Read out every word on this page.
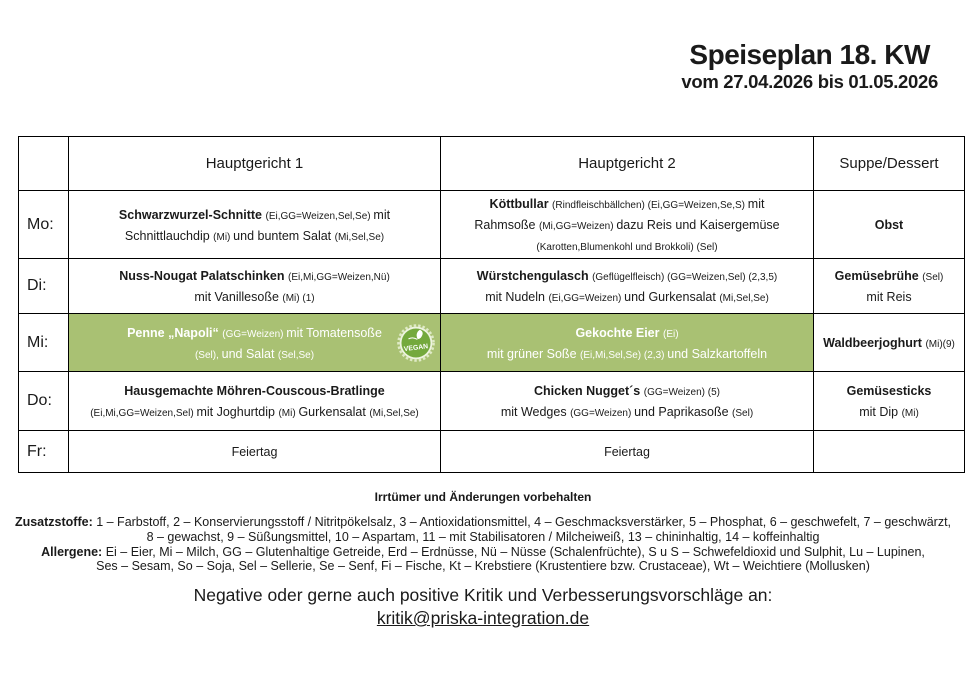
Speiseplan 18. KW
vom 27.04.2026 bis 01.05.2026
	Hauptgericht 1	Hauptgericht 2	Suppe/Dessert
Mo:	Schwarzwurzel-Schnitte (Ei,GG=Weizen,Sel,Se) mit
Schnittlauchdip (Mi) und buntem Salat (Mi,Sel,Se)	Köttbullar (Rindfleischbällchen) (Ei,GG=Weizen,Se,S) mit
Rahmsoße (Mi,GG=Weizen) dazu Reis und Kaisergemüse
(Karotten,Blumenkohl und Brokkoli) (Sel)	Obst
Di:	Nuss-Nougat Palatschinken (Ei,Mi,GG=Weizen,Nü)
mit Vanillesoße (Mi) (1)	Würstchengulasch (Geflügelfleisch) (GG=Weizen,Sel) (2,3,5)
mit Nudeln (Ei,GG=Weizen) und Gurkensalat (Mi,Sel,Se)	Gemüsebrühe (Sel)
mit Reis
Mi:	VEGAN
Penne „Napoli“ (GG=Weizen) mit Tomatensoße
(Sel), und Salat (Sel,Se)	Gekochte Eier (Ei)
mit grüner Soße (Ei,Mi,Sel,Se) (2,3) und Salzkartoffeln	Waldbeerjoghurt (Mi)(9)
Do:	Hausgemachte Möhren-Couscous-Bratlinge
(Ei,Mi,GG=Weizen,Sel) mit Joghurtdip (Mi) Gurkensalat (Mi,Sel,Se)	Chicken Nugget´s (GG=Weizen) (5)
mit Wedges (GG=Weizen) und Paprikasoße (Sel)	Gemüsesticks
mit Dip (Mi)
Fr:	Feiertag	Feiertag	
Irrtümer und Änderungen vorbehalten
Zusatzstoffe: 1 – Farbstoff, 2 – Konservierungsstoff / Nitritpökelsalz, 3 – Antioxidationsmittel, 4 – Geschmacksverstärker, 5 – Phosphat, 6 – geschwefelt, 7 – geschwärzt,
8 – gewachst, 9 – Süßungsmittel, 10 – Aspartam, 11 – mit Stabilisatoren / Milcheiweiß, 13 – chininhaltig, 14 – koffeinhaltig
Allergene: Ei – Eier, Mi – Milch, GG – Glutenhaltige Getreide, Erd – Erdnüsse, Nü – Nüsse (Schalenfrüchte), S u S – Schwefeldioxid und Sulphit, Lu – Lupinen,
Ses – Sesam, So – Soja, Sel – Sellerie, Se – Senf, Fi – Fische, Kt – Krebstiere (Krustentiere bzw. Crustaceae), Wt – Weichtiere (Mollusken)
Negative oder gerne auch positive Kritik und Verbesserungsvorschläge an:
kritik@priska-integration.de
